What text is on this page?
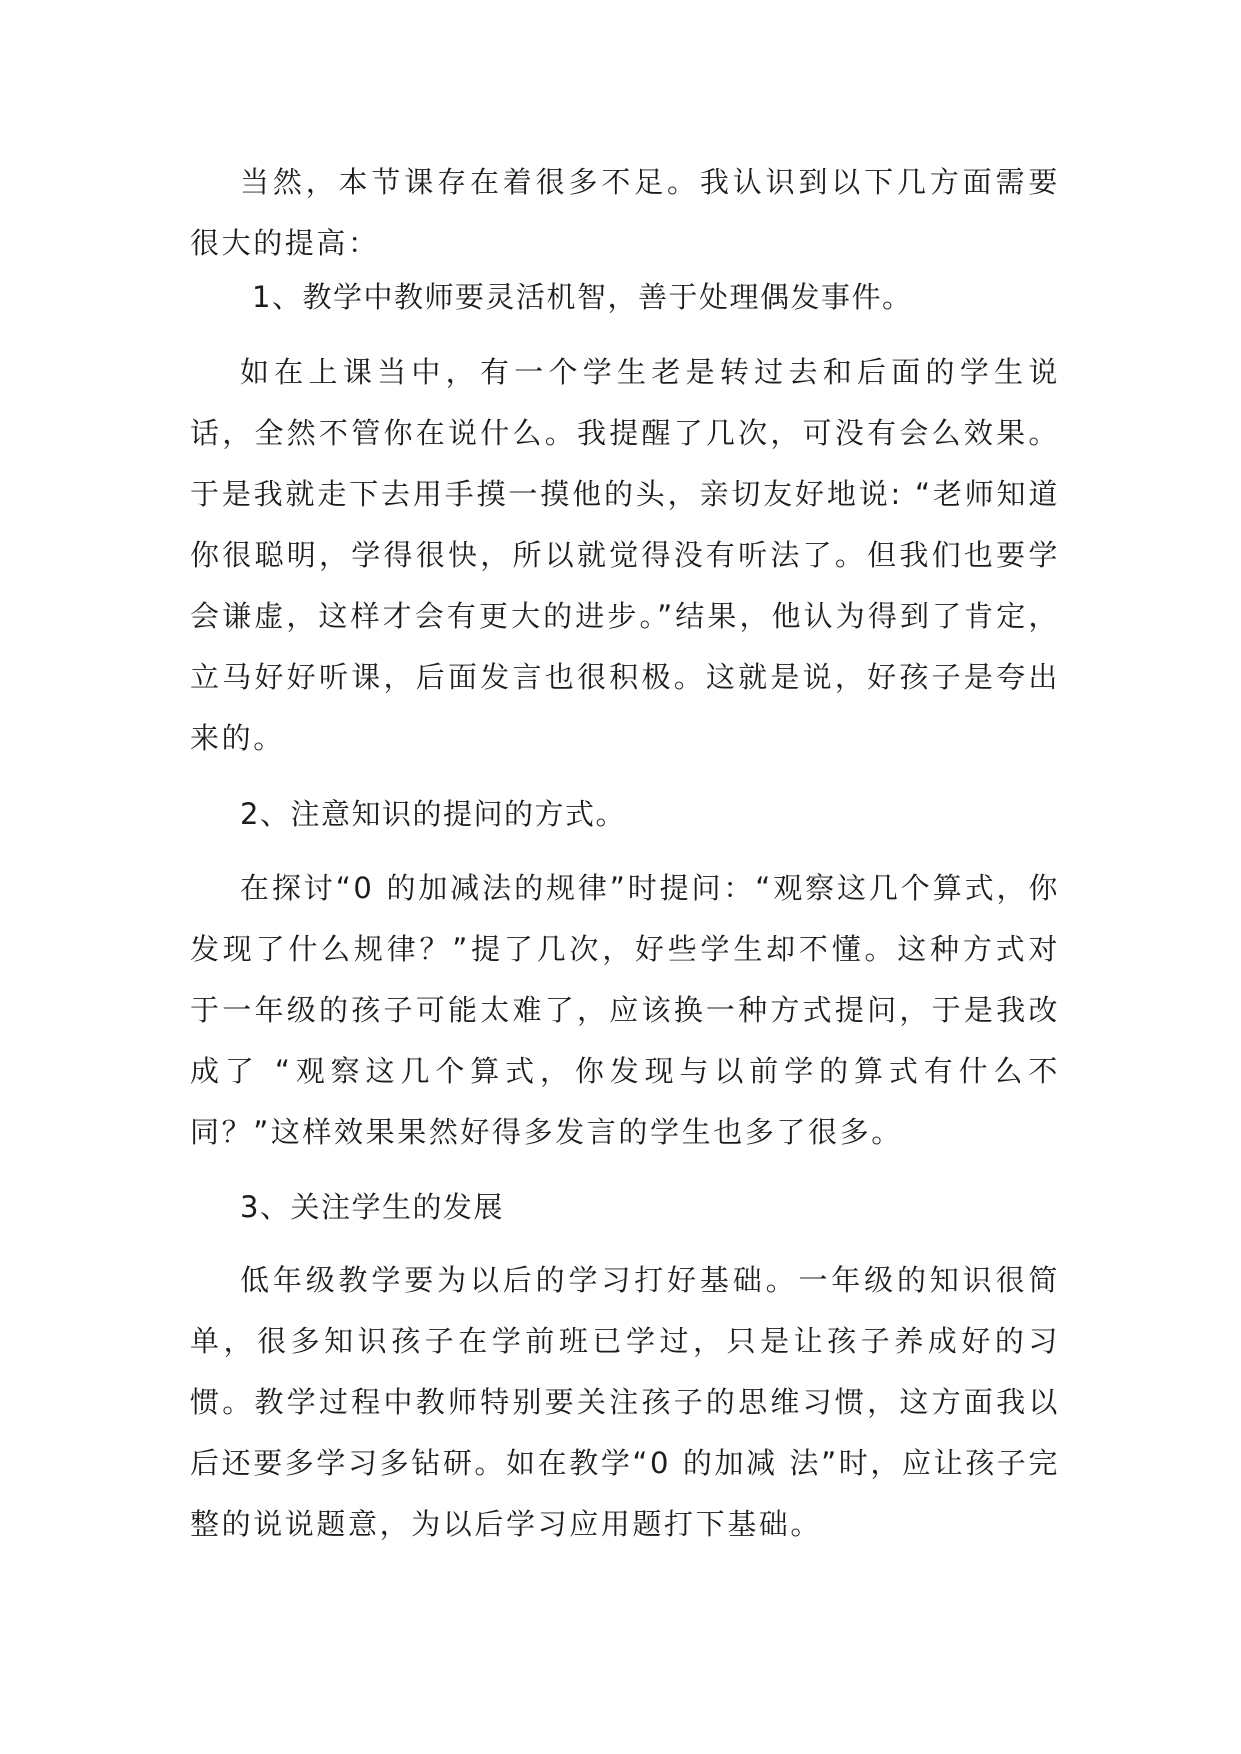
当然，本节课存在着很多不足。我认识到以下几方面需要很大的提高：

1、教学中教师要灵活机智，善于处理偶发事件。

如在上课当中，有一个学生老是转过去和后面的学生说话，全然不管你在说什么。我提醒了几次，可没有会么效果。于是我就走下去用手摸一摸他的头，亲切友好地说: “老师知道你很聪明，学得很快，所以就觉得没有听法了。但我们也要学会谦虚，这样才会有更大的进步。”结果，他认为得到了肯定，立马好好听课，后面发言也很积极。这就是说，好孩子是夸出来的。

2、注意知识的提问的方式。

在探讨“0 的加减法的规律”时提问：“观察这几个算式，你发现了什么规律？”提了几次，好些学生却不懂。这种方式对于一年级的孩子可能太难了，应该换一种方式提问，于是我改成了 “观察这几个算式，你发现与以前学的算式有什么不同？”这样效果果然好得多发言的学生也多了很多。

3、关注学生的发展

低年级教学要为以后的学习打好基础。一年级的知识很简单，很多知识孩子在学前班已学过，只是让孩子养成好的习惯。教学过程中教师特别要关注孩子的思维习惯，这方面我以后还要多学习多钻研。如在教学“0 的加减 法”时，应让孩子完整的说说题意，为以后学习应用题打下基础。
